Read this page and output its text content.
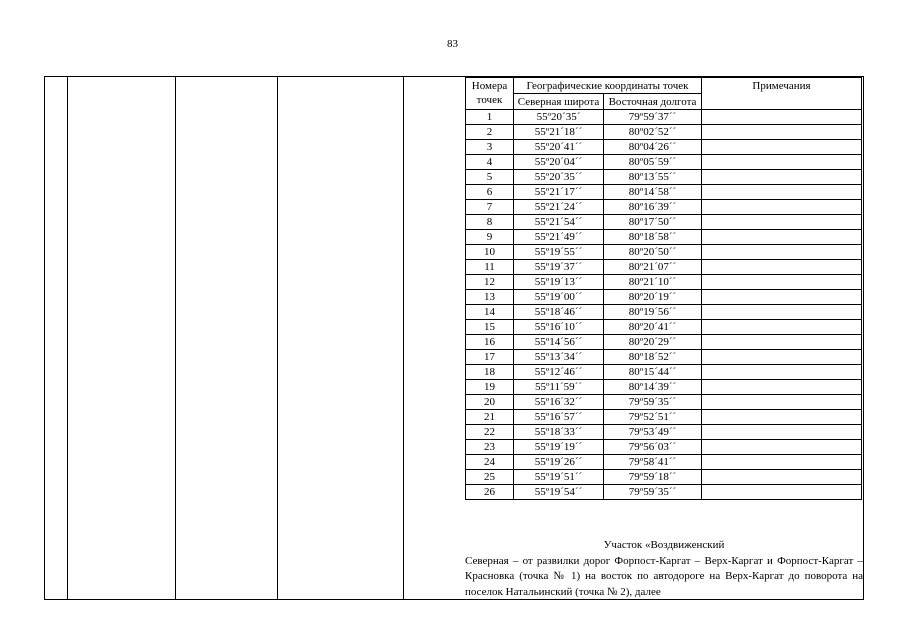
83
Номера точек	Географические координаты точек		Примечания
	Северная широта	Восточная долгота	
1	55º20´35´	79º59´37´´	
2	55º21´18´´	80º02´52´´	
3	55º20´41´´	80º04´26´´	
4	55º20´04´´	80º05´59´´	
5	55º20´35´´	80º13´55´´	
6	55º21´17´´	80º14´58´´	
7	55º21´24´´	80º16´39´´	
8	55º21´54´´	80º17´50´´	
9	55º21´49´´	80º18´58´´	
10	55º19´55´´	80º20´50´´	
11	55º19´37´´	80º21´07´´	
12	55º19´13´´	80º21´10´´	
13	55º19´00´´	80º20´19´´	
14	55º18´46´´	80º19´56´´	
15	55º16´10´´	80º20´41´´	
16	55º14´56´´	80º20´29´´	
17	55º13´34´´	80º18´52´´	
18	55º12´46´´	80º15´44´´	
19	55º11´59´´	80º14´39´´	
20	55º16´32´´	79º59´35´´	
21	55º16´57´´	79º52´51´´	
22	55º18´33´´	79º53´49´´	
23	55º19´19´´	79º56´03´´	
24	55º19´26´´	79º58´41´´	
25	55º19´51´´	79º59´18´´	
26	55º19´54´´	79º59´35´´	
Участок «Воздвиженский
Северная – от развилки дорог Форпост-Каргат – Верх-Каргат и Форпост-Каргат – Красновка (точка № 1) на восток по автодороге на Верх-Каргат до поворота на поселок Натальинский (точка № 2), далее
